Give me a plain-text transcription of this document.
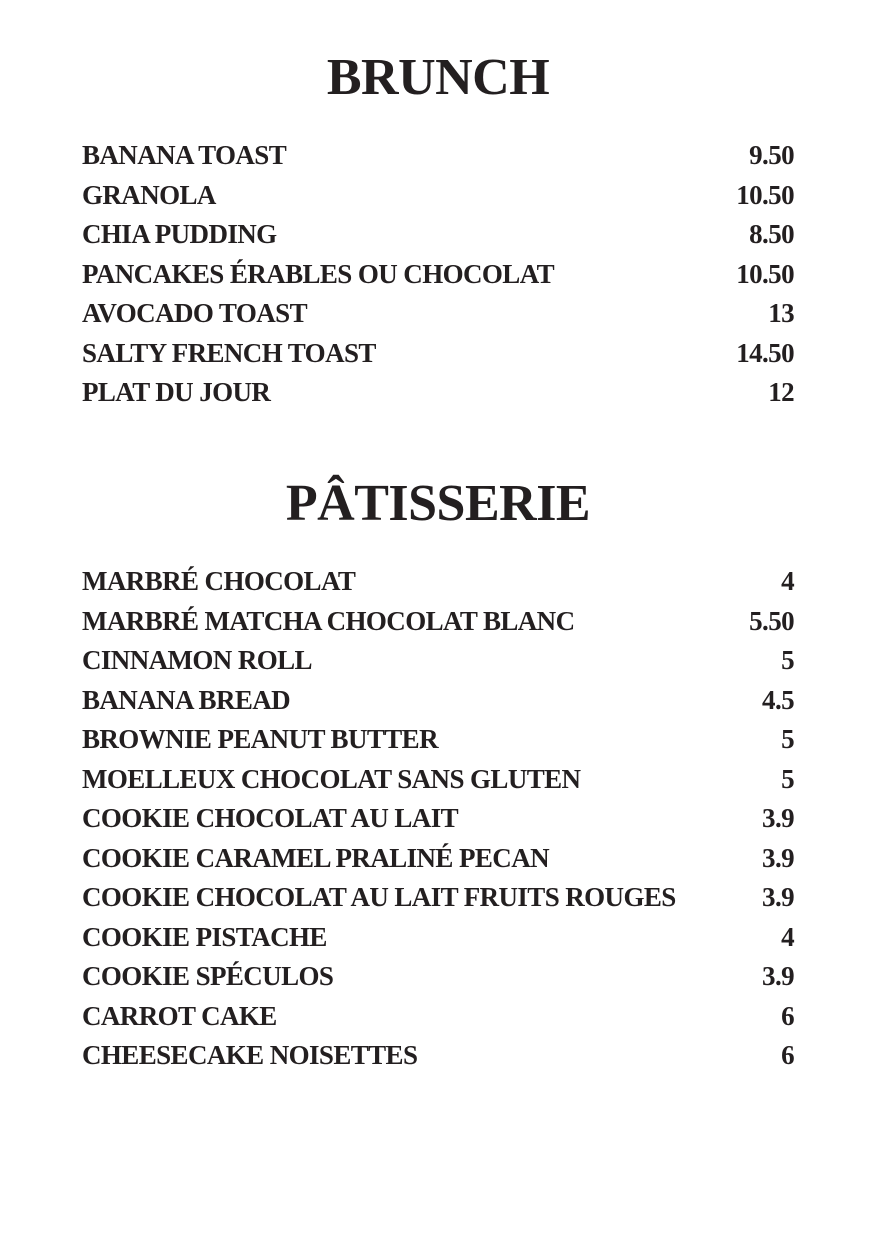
BRUNCH
BANANA TOAST	9.50
GRANOLA	10.50
CHIA PUDDING	8.50
PANCAKES ÉRABLES OU CHOCOLAT	10.50
AVOCADO TOAST	13
SALTY FRENCH TOAST	14.50
PLAT DU JOUR	12
PÂTISSERIE
MARBRÉ CHOCOLAT	4
MARBRÉ MATCHA CHOCOLAT BLANC	5.50
CINNAMON ROLL	5
BANANA BREAD	4.5
BROWNIE PEANUT BUTTER	5
MOELLEUX CHOCOLAT SANS GLUTEN	5
COOKIE CHOCOLAT AU LAIT	3.9
COOKIE CARAMEL PRALINÉ PECAN	3.9
COOKIE CHOCOLAT AU LAIT FRUITS ROUGES	3.9
COOKIE PISTACHE	4
COOKIE SPÉCULOS	3.9
CARROT CAKE	6
CHEESECAKE NOISETTES	6
